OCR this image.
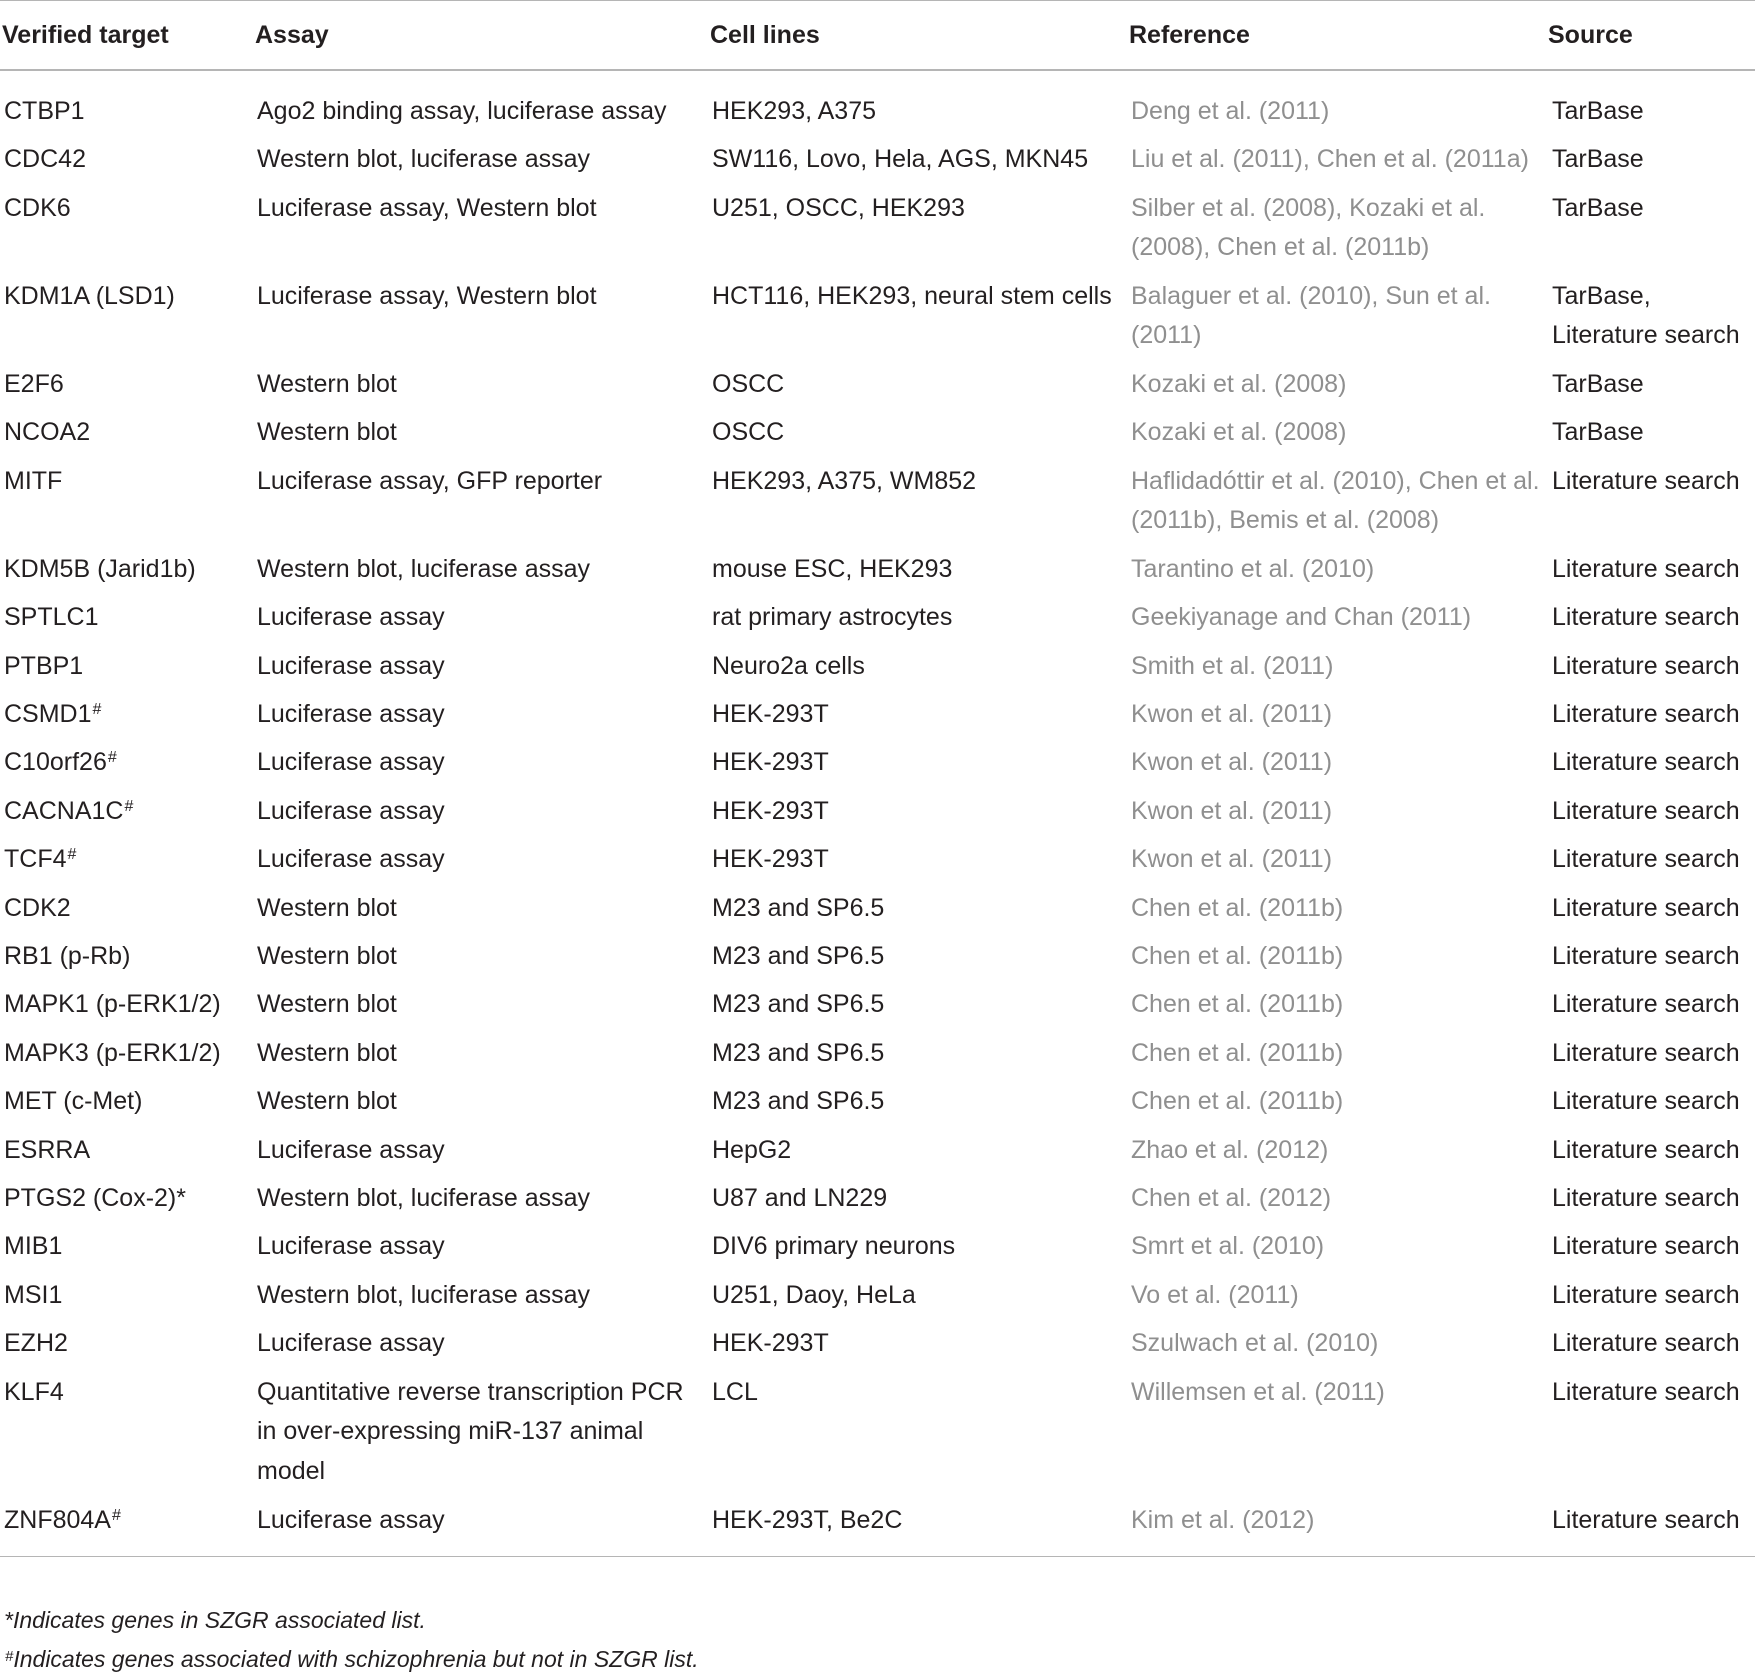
Verified target	Assay	Cell lines	Reference	Source
CTBP1	Ago2 binding assay, luciferase assay	HEK293, A375	Deng et al. (2011)	TarBase
CDC42	Western blot, luciferase assay	SW116, Lovo, Hela, AGS, MKN45	Liu et al. (2011), Chen et al. (2011a)	TarBase
CDK6	Luciferase assay, Western blot	U251, OSCC, HEK293	Silber et al. (2008), Kozaki et al. (2008), Chen et al. (2011b)	TarBase
KDM1A (LSD1)	Luciferase assay, Western blot	HCT116, HEK293, neural stem cells	Balaguer et al. (2010), Sun et al. (2011)	TarBase, Literature search
E2F6	Western blot	OSCC	Kozaki et al. (2008)	TarBase
NCOA2	Western blot	OSCC	Kozaki et al. (2008)	TarBase
MITF	Luciferase assay, GFP reporter	HEK293, A375, WM852	Haflidadóttir et al. (2010), Chen et al. (2011b), Bemis et al. (2008)	Literature search
KDM5B (Jarid1b)	Western blot, luciferase assay	mouse ESC, HEK293	Tarantino et al. (2010)	Literature search
SPTLC1	Luciferase assay	rat primary astrocytes	Geekiyanage and Chan (2011)	Literature search
PTBP1	Luciferase assay	Neuro2a cells	Smith et al. (2011)	Literature search
CSMD1#	Luciferase assay	HEK-293T	Kwon et al. (2011)	Literature search
C10orf26#	Luciferase assay	HEK-293T	Kwon et al. (2011)	Literature search
CACNA1C#	Luciferase assay	HEK-293T	Kwon et al. (2011)	Literature search
TCF4#	Luciferase assay	HEK-293T	Kwon et al. (2011)	Literature search
CDK2	Western blot	M23 and SP6.5	Chen et al. (2011b)	Literature search
RB1 (p-Rb)	Western blot	M23 and SP6.5	Chen et al. (2011b)	Literature search
MAPK1 (p-ERK1/2)	Western blot	M23 and SP6.5	Chen et al. (2011b)	Literature search
MAPK3 (p-ERK1/2)	Western blot	M23 and SP6.5	Chen et al. (2011b)	Literature search
MET (c-Met)	Western blot	M23 and SP6.5	Chen et al. (2011b)	Literature search
ESRRA	Luciferase assay	HepG2	Zhao et al. (2012)	Literature search
PTGS2 (Cox-2)*	Western blot, luciferase assay	U87 and LN229	Chen et al. (2012)	Literature search
MIB1	Luciferase assay	DIV6 primary neurons	Smrt et al. (2010)	Literature search
MSI1	Western blot, luciferase assay	U251, Daoy, HeLa	Vo et al. (2011)	Literature search
EZH2	Luciferase assay	HEK-293T	Szulwach et al. (2010)	Literature search
KLF4	Quantitative reverse transcription PCR in over-expressing miR-137 animal model	LCL	Willemsen et al. (2011)	Literature search
ZNF804A#	Luciferase assay	HEK-293T, Be2C	Kim et al. (2012)	Literature search
*Indicates genes in SZGR associated list.
#Indicates genes associated with schizophrenia but not in SZGR list.
